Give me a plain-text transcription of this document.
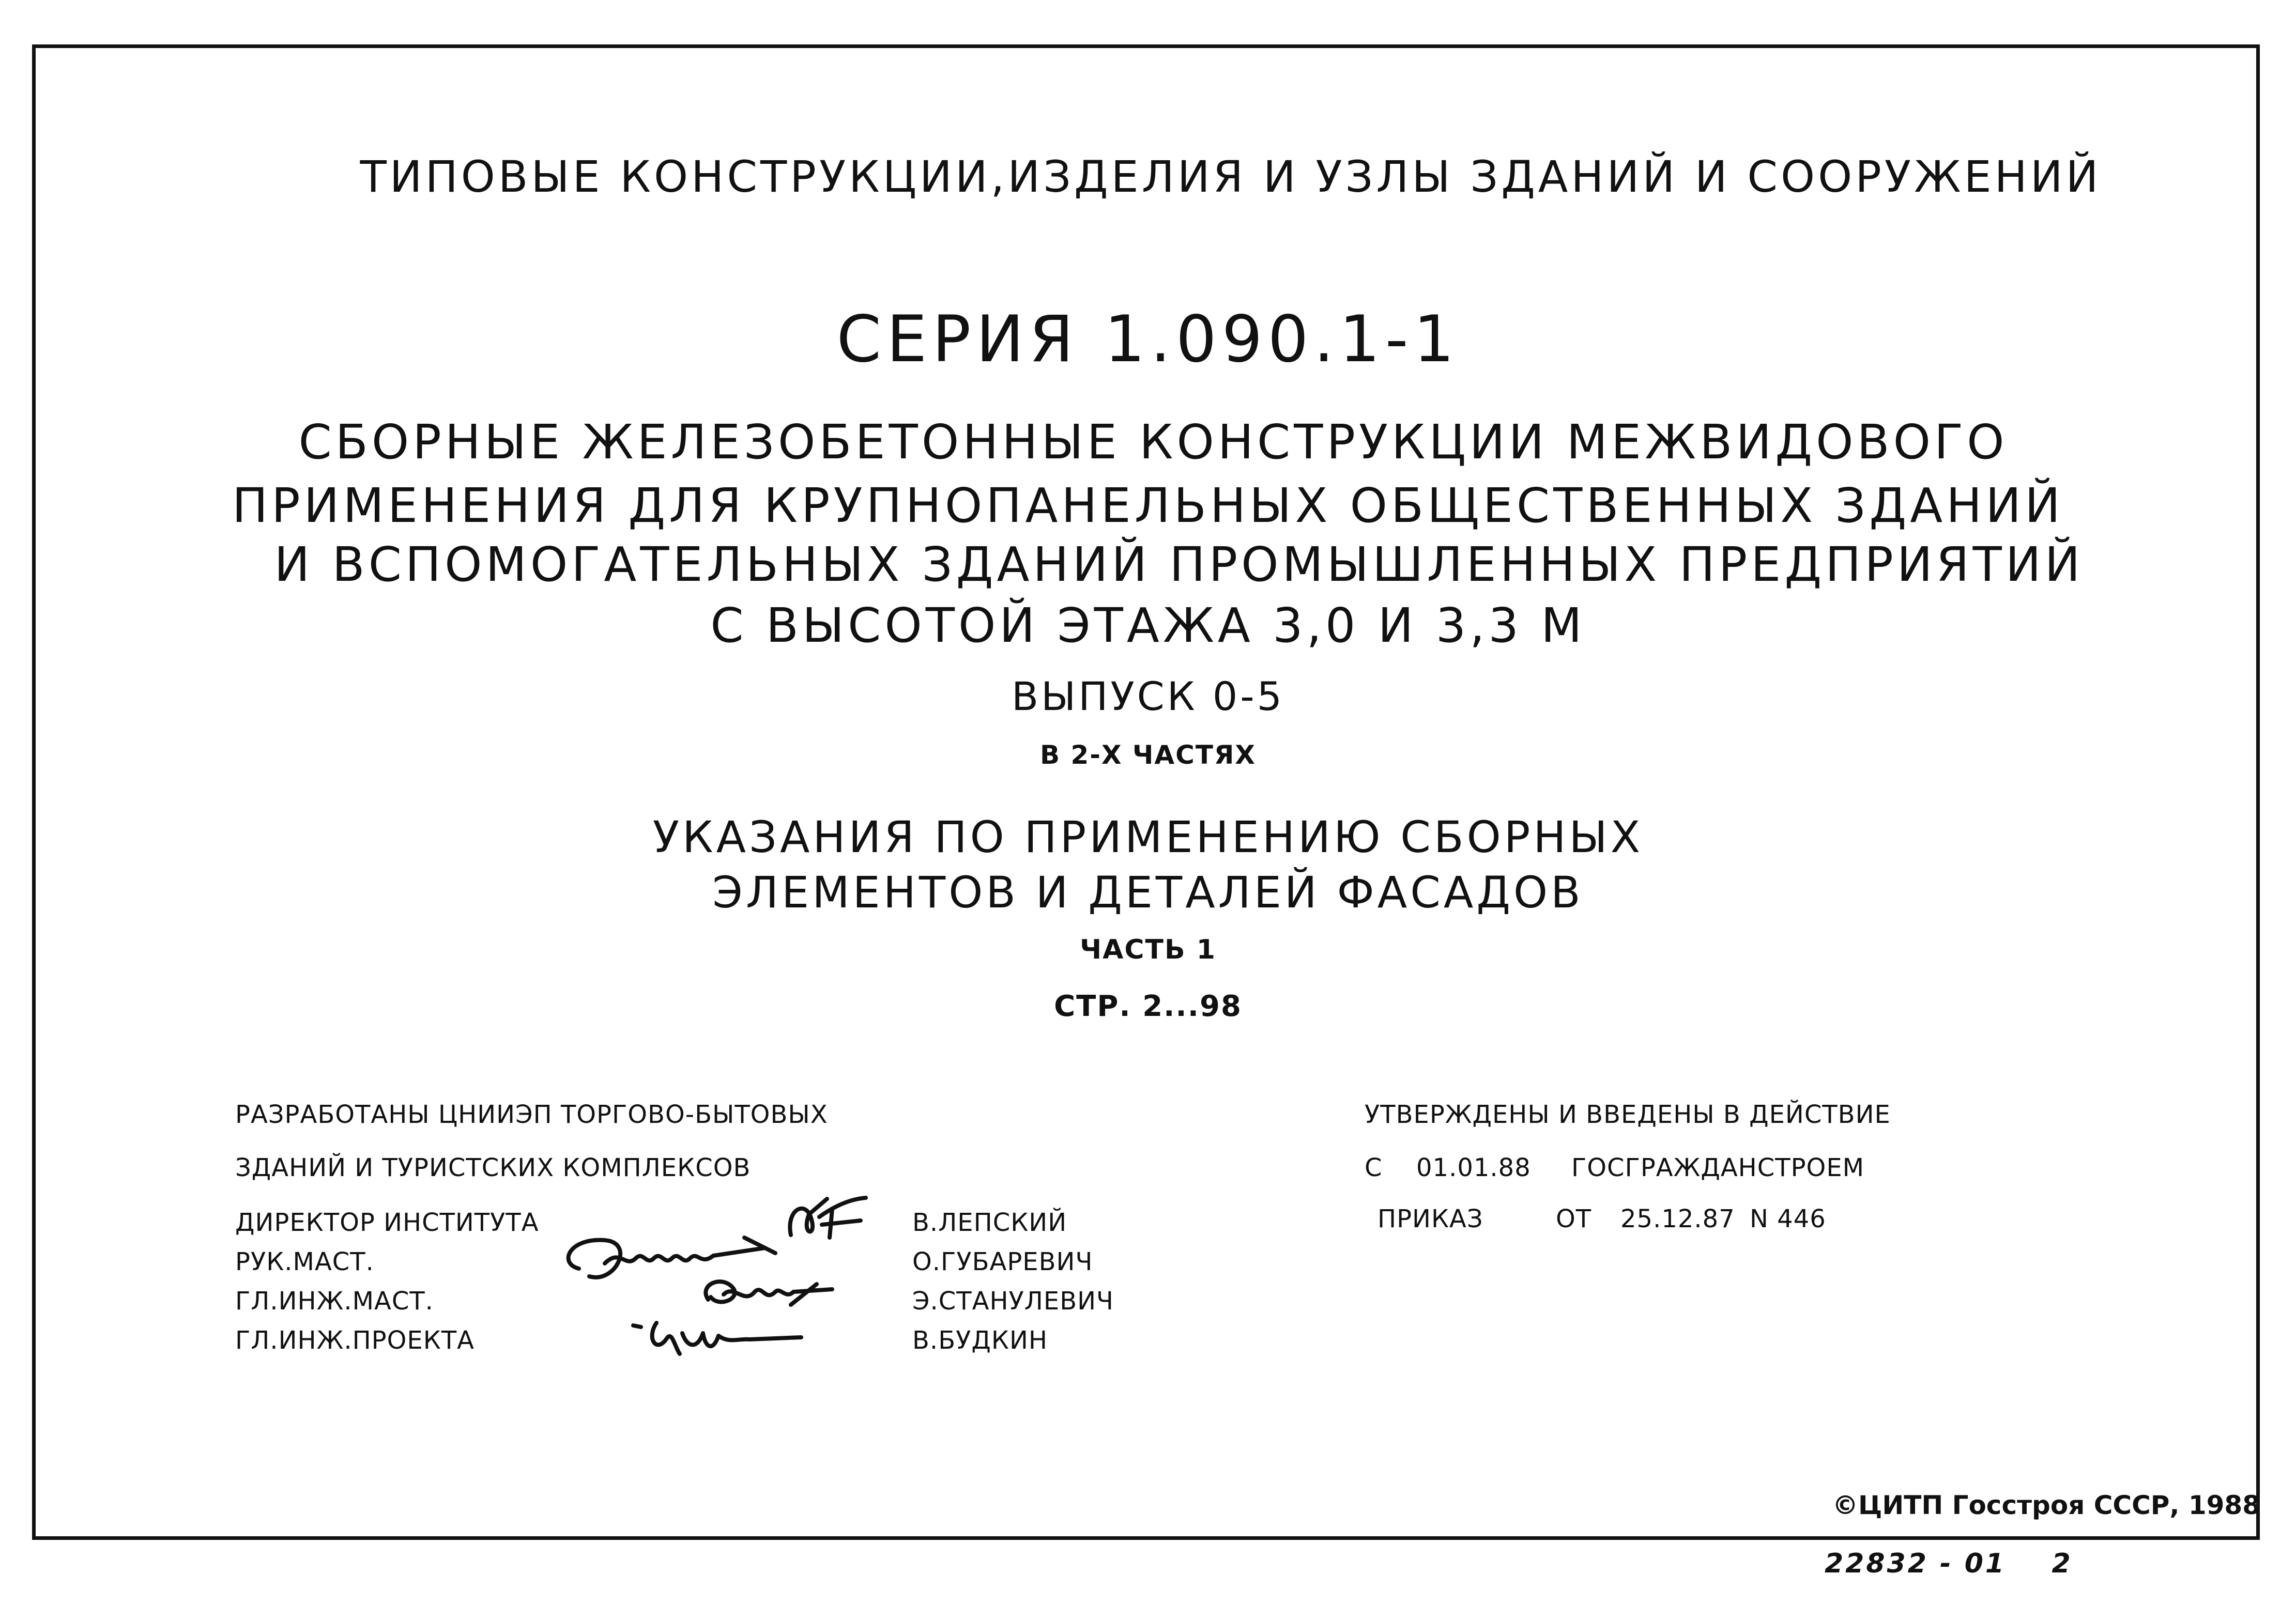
ТИПОВЫЕ КОНСТРУКЦИИ,ИЗДЕЛИЯ И УЗЛЫ ЗДАНИЙ И СООРУЖЕНИЙ
СЕРИЯ 1.090.1-1
СБОРНЫЕ ЖЕЛЕЗОБЕТОННЫЕ КОНСТРУКЦИИ МЕЖВИДОВОГО
ПРИМЕНЕНИЯ ДЛЯ КРУПНОПАНЕЛЬНЫХ ОБЩЕСТВЕННЫХ ЗДАНИЙ
И ВСПОМОГАТЕЛЬНЫХ ЗДАНИЙ ПРОМЫШЛЕННЫХ ПРЕДПРИЯТИЙ
С ВЫСОТОЙ ЭТАЖА 3,0 И 3,3 М
ВЫПУСК 0-5
В 2-Х ЧАСТЯХ
УКАЗАНИЯ ПО ПРИМЕНЕНИЮ СБОРНЫХ
ЭЛЕМЕНТОВ И ДЕТАЛЕЙ ФАСАДОВ
ЧАСТЬ 1
СТР. 2...98
РАЗРАБОТАНЫ ЦНИИЭП ТОРГОВО-БЫТОВЫХ
ЗДАНИЙ И ТУРИСТСКИХ КОМПЛЕКСОВ
ДИРЕКТОР ИНСТИТУТА
РУК.МАСТ.
ГЛ.ИНЖ.МАСТ.
ГЛ.ИНЖ.ПРОЕКТА
В.ЛЕПСКИЙ
О.ГУБАРЕВИЧ
Э.СТАНУЛЕВИЧ
В.БУДКИН
УТВЕРЖДЕНЫ И ВВЕДЕНЫ В ДЕЙСТВИЕ
С 01.01.88 ГОСГРАЖДАНСТРОЕМ
ПРИКАЗ	ОТ 25.12.87 N 446
©ЦИТП Госстроя СССР, 1988
22832 - 01    2
